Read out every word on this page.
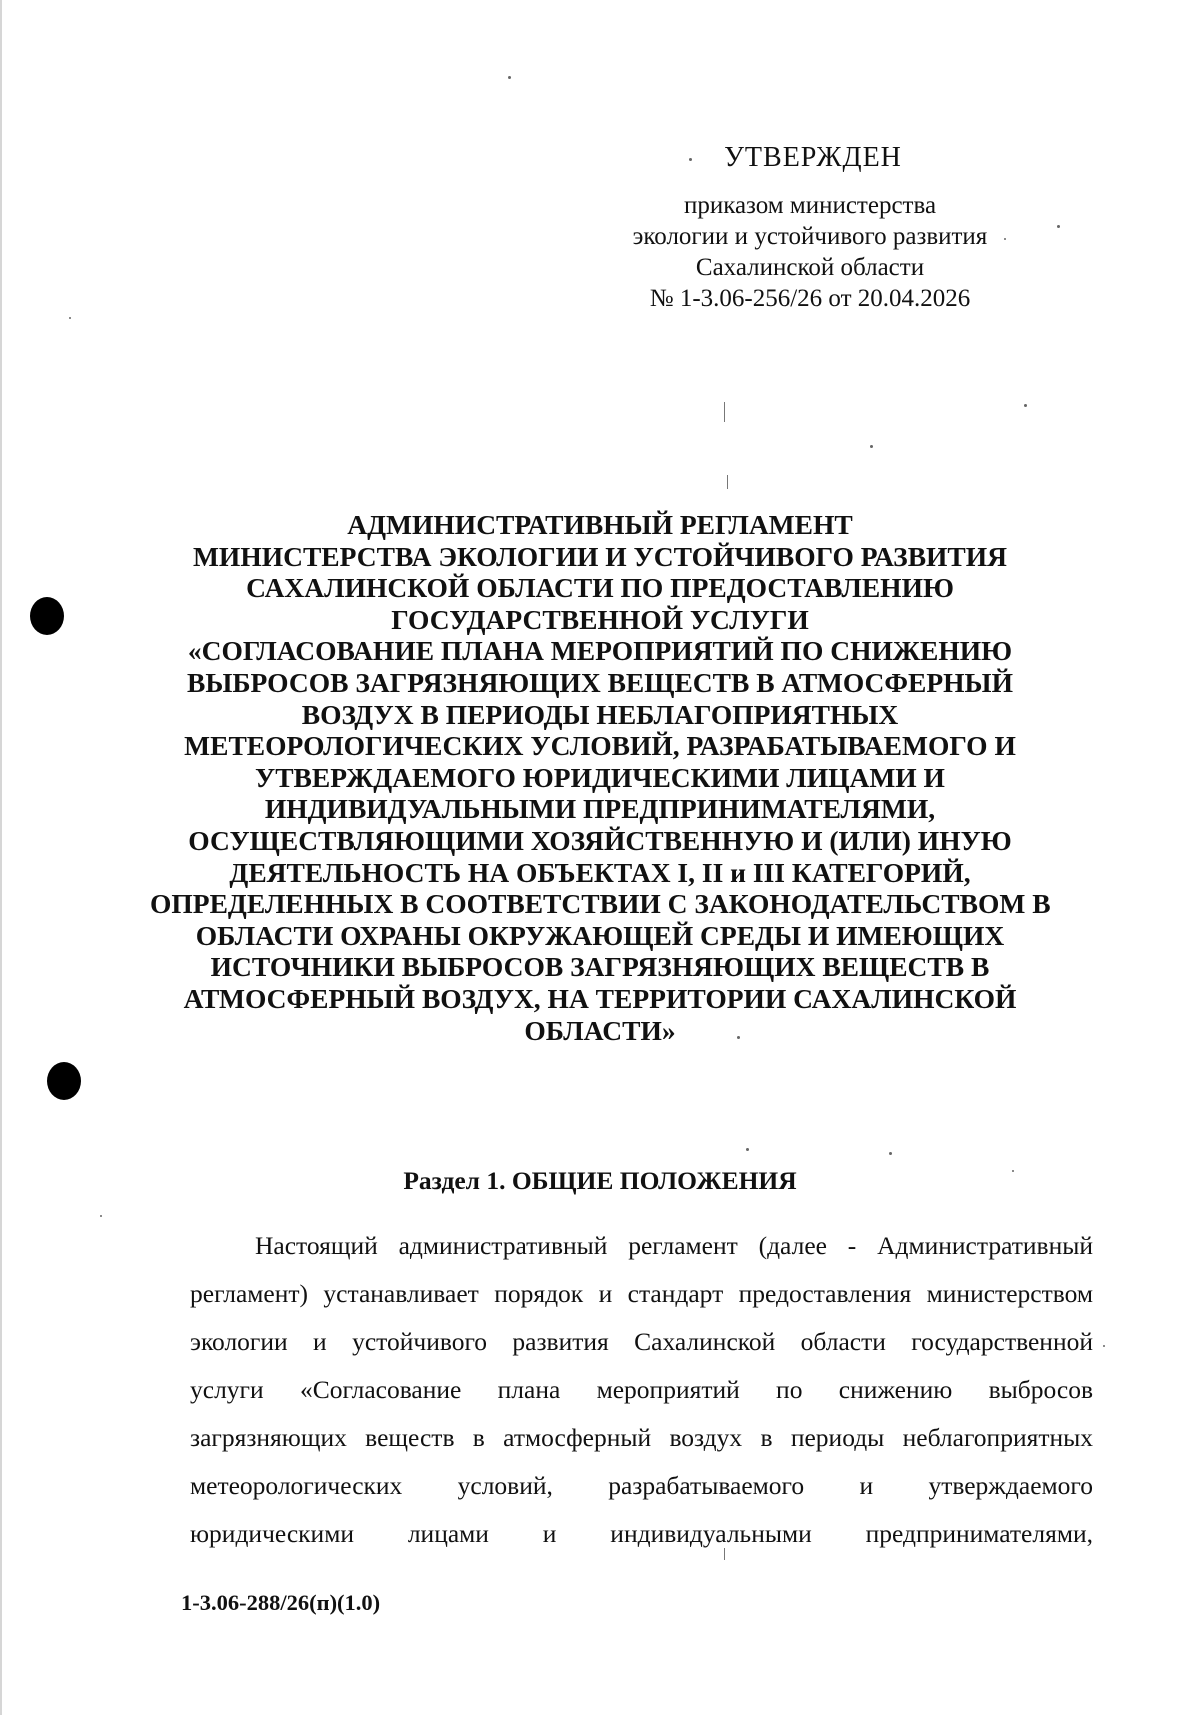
УТВЕРЖДЕН
приказом министерства
экологии и устойчивого развития
Сахалинской области
№ 1-3.06-256/26 от 20.04.2026
АДМИНИСТРАТИВНЫЙ РЕГЛАМЕНТ
МИНИСТЕРСТВА ЭКОЛОГИИ И УСТОЙЧИВОГО РАЗВИТИЯ
САХАЛИНСКОЙ ОБЛАСТИ ПО ПРЕДОСТАВЛЕНИЮ
ГОСУДАРСТВЕННОЙ УСЛУГИ
«СОГЛАСОВАНИЕ ПЛАНА МЕРОПРИЯТИЙ ПО СНИЖЕНИЮ
ВЫБРОСОВ ЗАГРЯЗНЯЮЩИХ ВЕЩЕСТВ В АТМОСФЕРНЫЙ
ВОЗДУХ В ПЕРИОДЫ НЕБЛАГОПРИЯТНЫХ
МЕТЕОРОЛОГИЧЕСКИХ УСЛОВИЙ, РАЗРАБАТЫВАЕМОГО И
УТВЕРЖДАЕМОГО ЮРИДИЧЕСКИМИ ЛИЦАМИ И
ИНДИВИДУАЛЬНЫМИ ПРЕДПРИНИМАТЕЛЯМИ,
ОСУЩЕСТВЛЯЮЩИМИ ХОЗЯЙСТВЕННУЮ И (ИЛИ) ИНУЮ
ДЕЯТЕЛЬНОСТЬ НА ОБЪЕКТАХ I, II и III КАТЕГОРИЙ,
ОПРЕДЕЛЕННЫХ В СООТВЕТСТВИИ С ЗАКОНОДАТЕЛЬСТВОМ В
ОБЛАСТИ ОХРАНЫ ОКРУЖАЮЩЕЙ СРЕДЫ И ИМЕЮЩИХ
ИСТОЧНИКИ ВЫБРОСОВ ЗАГРЯЗНЯЮЩИХ ВЕЩЕСТВ В
АТМОСФЕРНЫЙ ВОЗДУХ, НА ТЕРРИТОРИИ САХАЛИНСКОЙ
ОБЛАСТИ»
Раздел 1. ОБЩИЕ ПОЛОЖЕНИЯ
Настоящий административный регламент (далее - Административный
регламент) устанавливает порядок и стандарт предоставления министерством
экологии и устойчивого развития Сахалинской области государственной
услуги «Согласование плана мероприятий по снижению выбросов
загрязняющих веществ в атмосферный воздух в периоды неблагоприятных
метеорологических условий, разрабатываемого и утверждаемого
юридическими лицами и индивидуальными предпринимателями,
1-3.06-288/26(п)(1.0)
